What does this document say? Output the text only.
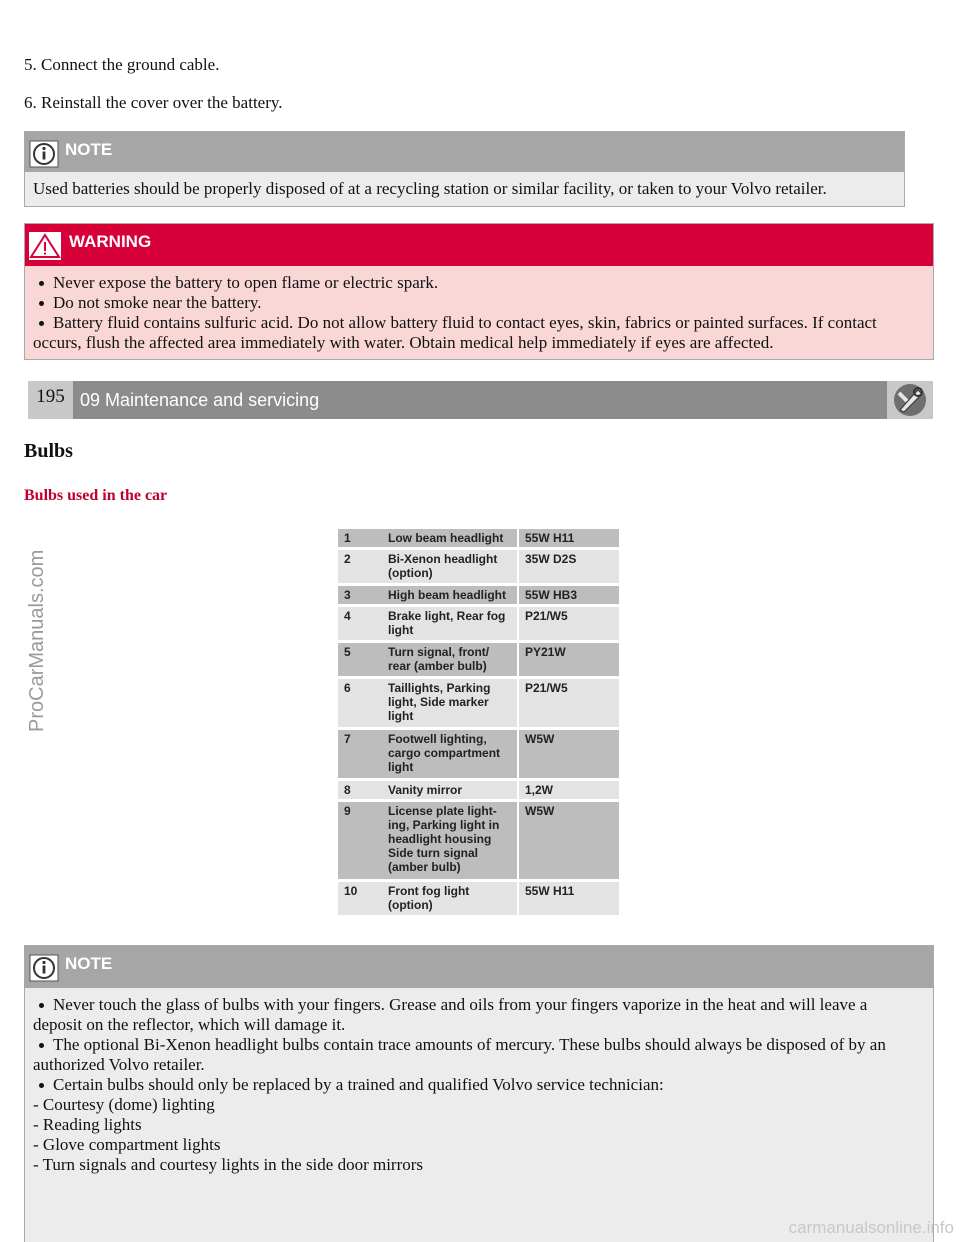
5. Connect the ground cable.
6. Reinstall the cover over the battery.
NOTE
Used batteries should be properly disposed of at a recycling station or similar facility, or taken to your Volvo retailer.
WARNING
Never expose the battery to open flame or electric spark.
Do not smoke near the battery.
Battery fluid contains sulfuric acid. Do not allow battery fluid to contact eyes, skin, fabrics or painted surfaces. If contact occurs, flush the affected area immediately with water. Obtain medical help immediately if eyes are affected.
195 09 Maintenance and servicing
Bulbs
Bulbs used in the car
1	Low beam headlight	55W H11
2	Bi-Xenon headlight (option)	35W D2S
3	High beam headlight	55W HB3
4	Brake light, Rear fog light	P21/W5
5	Turn signal, front/ rear (amber bulb)	PY21W
6	Taillights, Parking light, Side marker light	P21/W5
7	Footwell lighting, cargo compartment light	W5W
8	Vanity mirror	1,2W
9	License plate light- ing, Parking light in headlight housing Side turn signal (amber bulb)	W5W
10	Front fog light (option)	55W H11
NOTE
Never touch the glass of bulbs with your fingers. Grease and oils from your fingers vaporize in the heat and will leave a deposit on the reflector, which will damage it.
The optional Bi-Xenon headlight bulbs contain trace amounts of mercury. These bulbs should always be disposed of by an authorized Volvo retailer.
Certain bulbs should only be replaced by a trained and qualified Volvo service technician:
- Courtesy (dome) lighting
- Reading lights
- Glove compartment lights
- Turn signals and courtesy lights in the side door mirrors
ProCarManuals.com
carmanualsonline.info
